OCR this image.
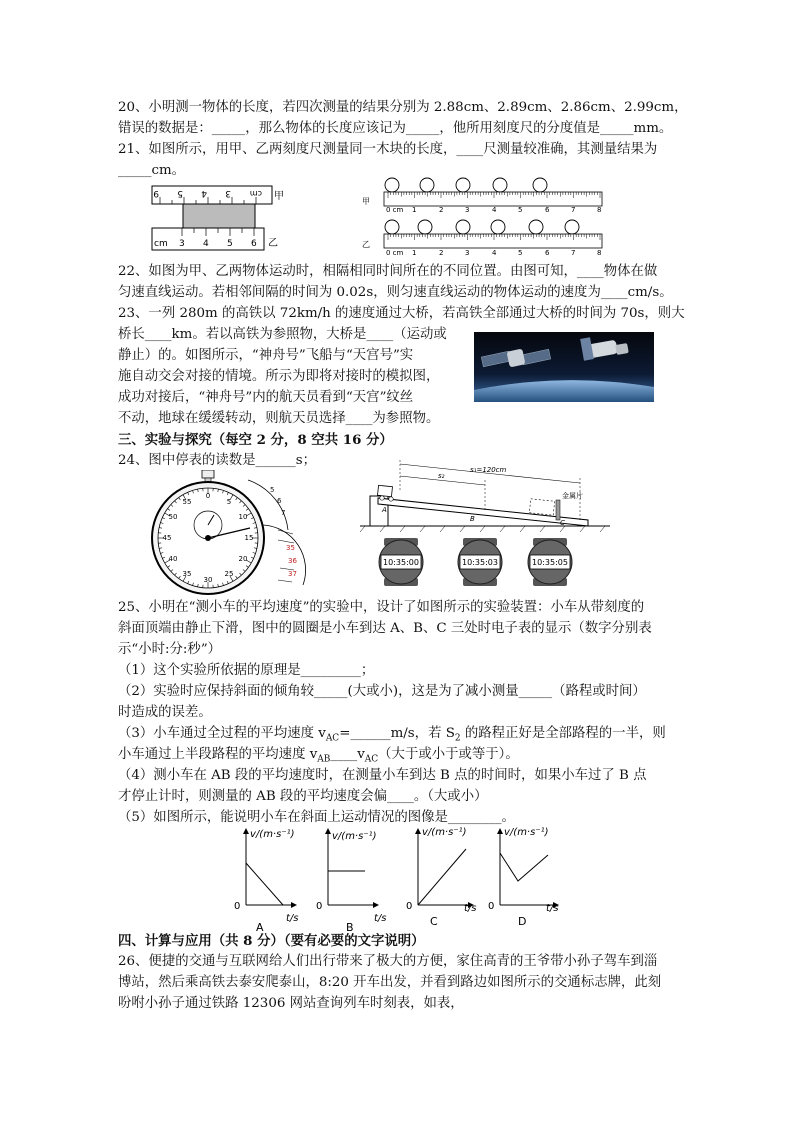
20、小明测一物体的长度，若四次测量的结果分别为 2.88cm、2.89cm、2.86cm、2.99cm，
错误的数据是：_____，那么物体的长度应该记为_____，他所用刻度尺的分度值是_____mm。
21、如图所示，用甲、乙两刻度尺测量同一木块的长度，____尺测量较准确，其测量结果为
_____cm。
9 5 4 3 cm 甲
cm 3 4 5 6 乙
甲
0 cm 1	2	3	4	5	6	7	8
乙
0 cm 1	2	3	4	5	6	7	8
22、如图为甲、乙两物体运动时，相隔相同时间所在的不同位置。由图可知，____物体在做
匀速直线运动。若相邻间隔的时间为 0.02s，则匀速直线运动的物体运动的速度为____cm/s。
23、一列 280m 的高铁以 72km/h 的速度通过大桥，若高铁全部通过大桥的时间为 70s，则大
桥长____km。若以高铁为参照物，大桥是____（运动或
静止）的。如图所示，“神舟号”飞船与“天宫号”实
施自动交会对接的情境。所示为即将对接时的模拟图，
成功对接后，“神舟号”内的航天员看到“天宫”纹丝
不动，地球在缓缓转动，则航天员选择____为参照物。
三、实验与探究（每空 2 分，8 空共 16 分）
24、图中停表的读数是______s；
5
6
7
35
36
37
0
5
10
15
20
25
30
35
40
45
50
55
s₁=120cm
s₂
金属片
A
B	C
10:35:00	10:35:03	10:35:05
25、小明在“测小车的平均速度”的实验中，设计了如图所示的实验装置：小车从带刻度的
斜面顶端由静止下滑，图中的圆圈是小车到达 A、B、C 三处时电子表的显示（数字分别表
示“小时:分:秒”）
（1）这个实验所依据的原理是_________；
（2）实验时应保持斜面的倾角较_____(大或小)，这是为了减小测量_____（路程或时间）
时造成的误差。
（3）小车通过全过程的平均速度 $v_{AC}=\_\_\_\_\_\_m/s$，若 $S_2$ 的路程正好是全部路程的一半，则
小车通过上半段路程的平均速度 $v_{AB}\_\_\_\_v_{AC}$（大于或小于或等于）。
（4）测小车在 AB 段的平均速度时，在测量小车到达 B 点的时间时，如果小车过了 B 点
才停止计时，则测量的 AB 段的平均速度会偏____。（大或小）
（5）如图所示，能说明小车在斜面上运动情况的图像是________。
v/(m·s⁻¹)
t/s
0
A
v/(m·s⁻¹)
t/s
0
B
v/(m·s⁻¹)
t/s
0
C
v/(m·s⁻¹)
t/s
0
D
四、计算与应用（共 8 分）（要有必要的文字说明）
26、便捷的交通与互联网给人们出行带来了极大的方便，家住高青的王爷带小孙子驾车到淄
博站，然后乘高铁去泰安爬泰山，8:20 开车出发，并看到路边如图所示的交通标志牌，此刻
吩咐小孙子通过铁路 12306 网站查询列车时刻表，如表，
